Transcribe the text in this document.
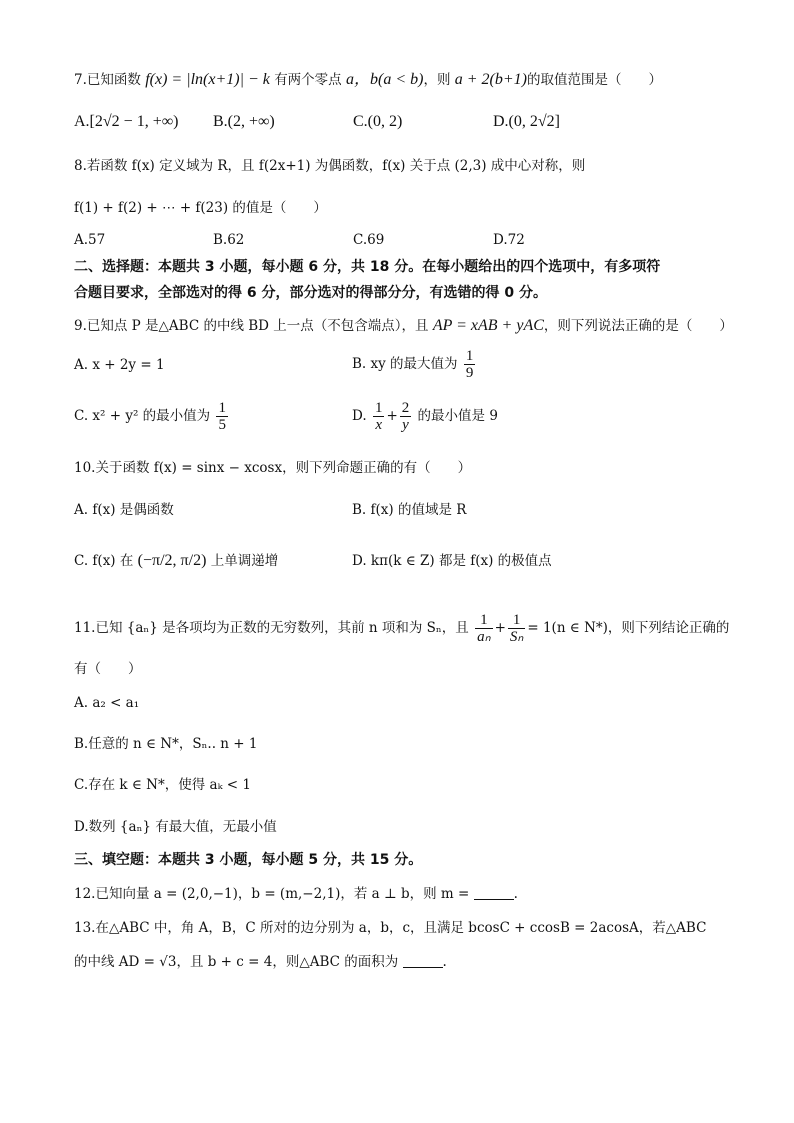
7.已知函数 f(x) = |ln(x+1)| − k 有两个零点 a，b(a < b)，则 a + 2(b+1)的取值范围是（　　）
A.[2√2 − 1, +∞) B.(2, +∞)	C.(0, 2)	D.(0, 2√2]
8.若函数 f(x) 定义域为 R，且 f(2x+1) 为偶函数，f(x) 关于点 (2,3) 成中心对称，则
f(1) + f(2) + ⋯ + f(23) 的值是（　　）
A.57	B.62	C.69	D.72
二、选择题：本题共 3 小题，每小题 6 分，共 18 分。在每小题给出的四个选项中，有多项符
合题目要求，全部选对的得 6 分，部分选对的得部分分，有选错的得 0 分。
9.已知点 P 是△ABC 的中线 BD 上一点（不包含端点），且 AP = xAB + yAC，则下列说法正确的是（　　）
A. x + 2y = 1	B. xy 的最大值为 $\frac{1}{9}$
C. x² + y² 的最小值为 $\frac{1}{5}$	D. $\frac{1}{x} + \frac{2}{y}$ 的最小值是 9
10.关于函数 f(x) = sinx − xcosx，则下列命题正确的有（　　）
A. f(x) 是偶函数	B. f(x) 的值域是 R
C. f(x) 在 (−π/2, π/2) 上单调递增	D. kπ(k ∈ Z) 都是 f(x) 的极值点
11.已知 {aₙ} 是各项均为正数的无穷数列，其前 n 项和为 Sₙ，且 $\frac{1}{\text{aₙ}} + \frac{1}{\text{Sₙ}} = 1(n$ ∈ N*)，则下列结论正确的
有（　　）
A. a₂ < a₁
B.任意的 n ∈ N*，Sₙ.. n + 1
C.存在 k ∈ N*，使得 aₖ < 1
D.数列 {aₙ} 有最大值，无最小值
三、填空题：本题共 3 小题，每小题 5 分，共 15 分。
12.已知向量 a = (2,0,−1)，b = (m,−2,1)，若 a ⊥ b，则 m =	.
13.在△ABC 中，角 A，B，C 所对的边分别为 a，b，c，且满足 bcosC + ccosB = 2acosA，若△ABC
的中线 AD = √3，且 b + c = 4，则△ABC 的面积为	.
